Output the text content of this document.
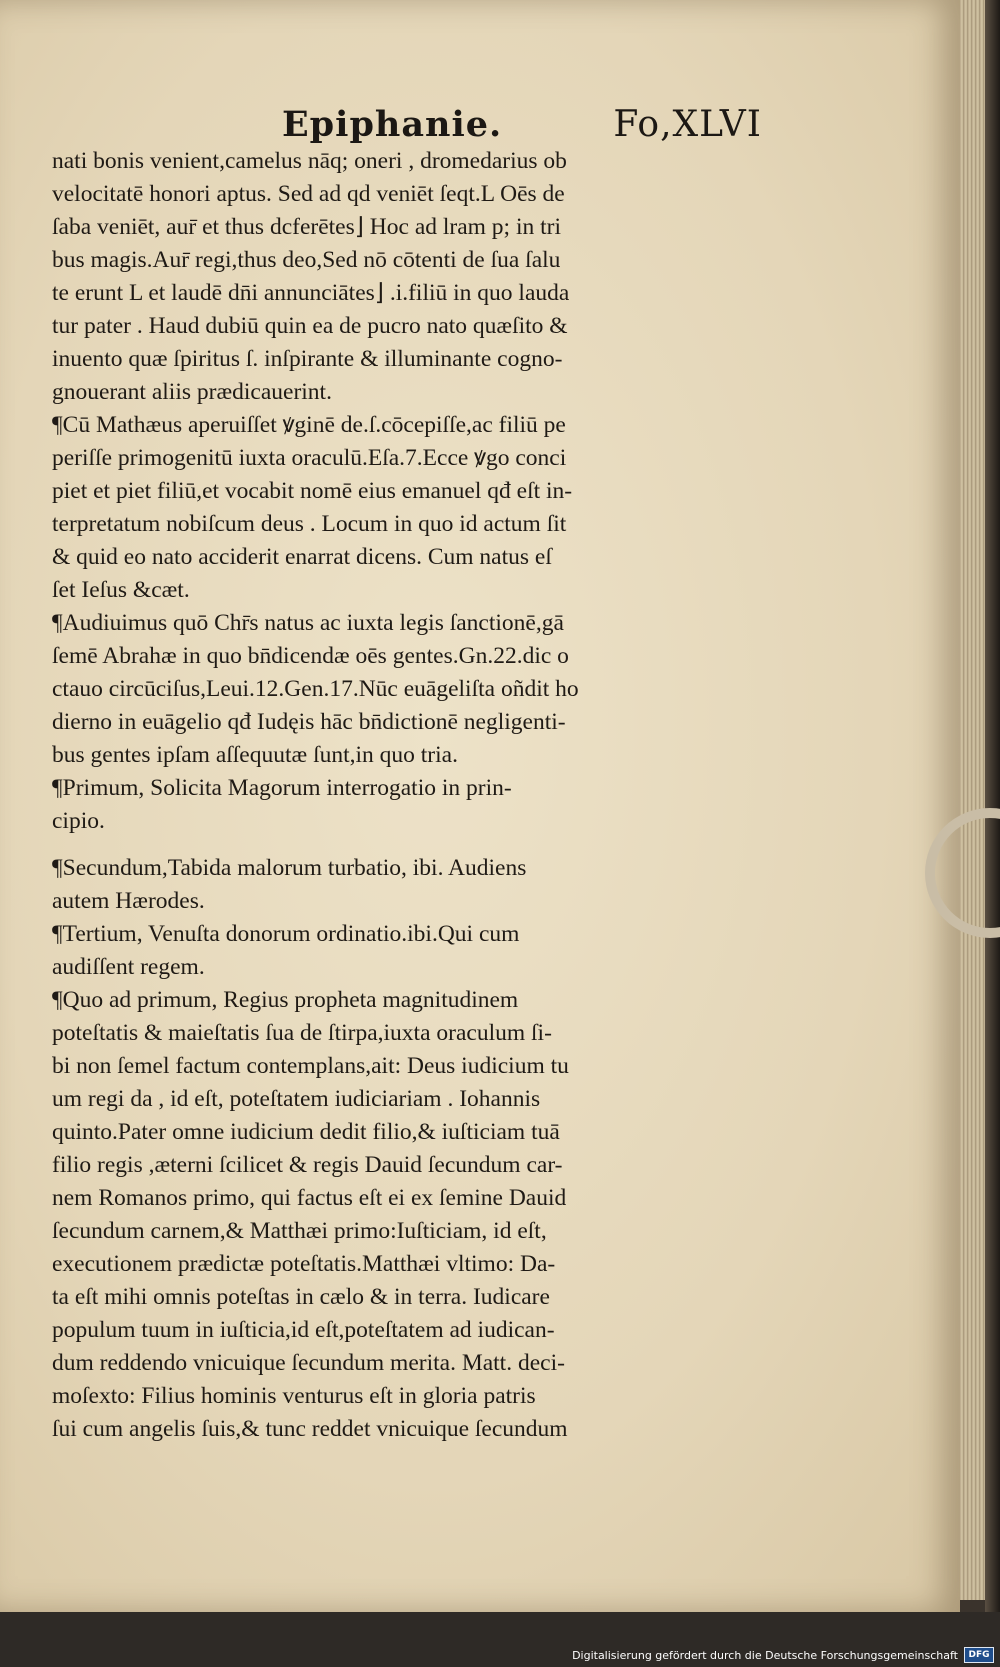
Epiphanie.	Fo,XLVI
nati bonis venient,camelus nāq; oneri , dromedarius ob
velocitatē honori aptus. Sed ad qd veniēt ſeqt.L Oēs de
ſaba veniēt, aur̄ et thus dcferētes⌋ Hoc ad lram p; in tri
bus magis.Aur̄ regi,thus deo,Sed nō cōtenti de ſua ſalu
te erunt L et laudē dn̄i annunciātes⌋ .i.filiū in quo lauda
tur pater . Haud dubiū quin ea de pucro nato quæſito &
inuento quæ ſpiritus ſ. inſpirante & illuminante cogno-
gnouerant aliis prædicauerint.
¶Cū Mathæus aperuiſſet ꝟginē de.ſ.cōcepiſſe,ac filiū pe
periſſe primogenitū iuxta oraculū.Eſa.7.Ecce ꝟgo conci
piet et piet filiū,et vocabit nomē eius emanuel qđ eſt in-
terpretatum nobiſcum deus . Locum in quo id actum ſit
& quid eo nato acciderit enarrat dicens. Cum natus eſ
ſet Ieſus &cæt.
¶Audiuimus quō Chr̄s natus ac iuxta legis ſanctionē,gā
ſemē Abrahæ in quo bn̄dicendæ oēs gentes.Gn.22.dic o
ctauo circūciſus,Leui.12.Gen.17.Nūc euāgeliſta oñdit ho
dierno in euāgelio qđ Iudęis hāc bn̄dictionē negligenti-
bus gentes ipſam aſſequutæ ſunt,in quo tria.
¶Primum, Solicita Magorum interrogatio in prin-
cipio.
¶Secundum,Tabida malorum turbatio, ibi. Audiens
autem Hærodes.
¶Tertium, Venuſta donorum ordinatio.ibi.Qui cum
audiſſent regem.
¶Quo ad primum, Regius propheta magnitudinem
poteſtatis & maieſtatis ſua de ſtirpa,iuxta oraculum ſi-
bi non ſemel factum contemplans,ait: Deus iudicium tu
um regi da , id eſt, poteſtatem iudiciariam . Iohannis
quinto.Pater omne iudicium dedit filio,& iuſticiam tuā
filio regis ,æterni ſcilicet & regis Dauid ſecundum car-
nem Romanos primo, qui factus eſt ei ex ſemine Dauid
ſecundum carnem,& Matthæi primo:Iuſticiam, id eſt,
executionem prædictæ poteſtatis.Matthæi vltimo: Da-
ta eſt mihi omnis poteſtas in cælo & in terra. Iudicare
populum tuum in iuſticia,id eſt,poteſtatem ad iudican-
dum reddendo vnicuique ſecundum merita. Matt. deci-
moſexto: Filius hominis venturus eſt in gloria patris
ſui cum angelis ſuis,& tunc reddet vnicuique ſecundum
Digitalisierung gefördert durch die Deutsche Forschungsgemeinschaft	DFG
